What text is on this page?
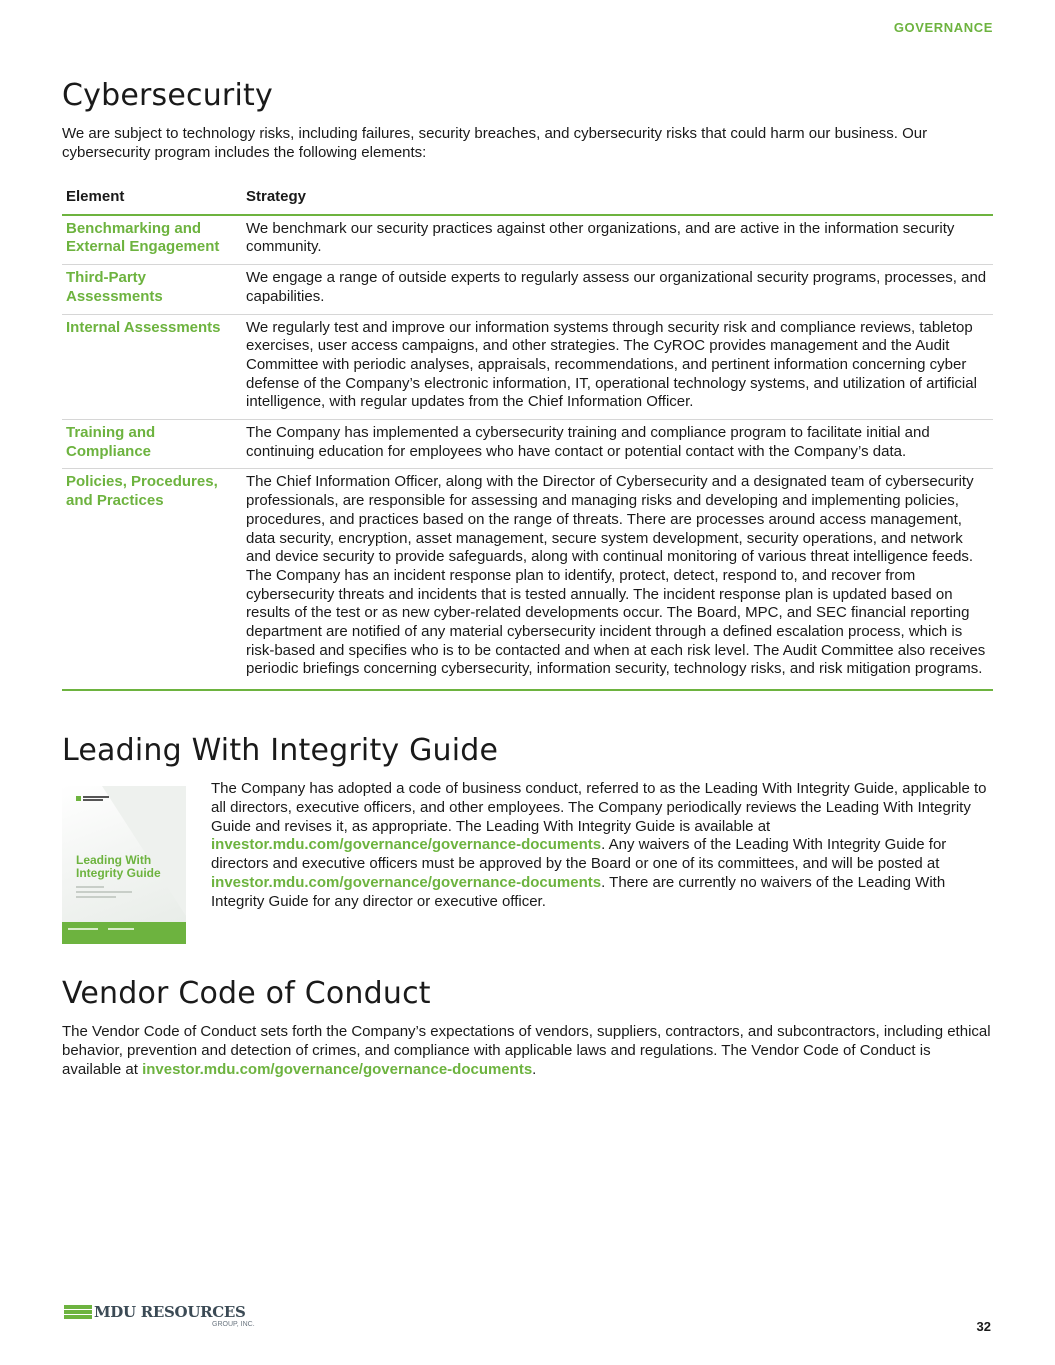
GOVERNANCE
Cybersecurity

We are subject to technology risks, including failures, security breaches, and cybersecurity risks that could harm our business. Our cybersecurity program includes the following elements:

Element	Strategy
Benchmarking and External Engagement	We benchmark our security practices against other organizations, and are active in the information security community.
Third-Party Assessments	We engage a range of outside experts to regularly assess our organizational security programs, processes, and capabilities.
Internal Assessments	We regularly test and improve our information systems through security risk and compliance reviews, tabletop exercises, user access campaigns, and other strategies. The CyROC provides management and the Audit Committee with periodic analyses, appraisals, recommendations, and pertinent information concerning cyber defense of the Company’s electronic information, IT, operational technology systems, and utilization of artificial intelligence, with regular updates from the Chief Information Officer.
Training and Compliance	The Company has implemented a cybersecurity training and compliance program to facilitate initial and continuing education for employees who have contact or potential contact with the Company’s data.
Policies, Procedures, and Practices	The Chief Information Officer, along with the Director of Cybersecurity and a designated team of cybersecurity professionals, are responsible for assessing and managing risks and developing and implementing policies, procedures, and practices based on the range of threats. There are processes around access management, data security, encryption, asset management, secure system development, security operations, and network and device security to provide safeguards, along with continual monitoring of various threat intelligence feeds. The Company has an incident response plan to identify, protect, detect, respond to, and recover from cybersecurity threats and incidents that is tested annually. The incident response plan is updated based on results of the test or as new cyber-related developments occur. The Board, MPC, and SEC financial reporting department are notified of any material cybersecurity incident through a defined escalation process, which is risk-based and specifies who is to be contacted and when at each risk level. The Audit Committee also receives periodic briefings concerning cybersecurity, information security, technology risks, and risk mitigation programs.
Leading With Integrity Guide
Leading With Integrity Guide

The Company has adopted a code of business conduct, referred to as the Leading With Integrity Guide, applicable to all directors, executive officers, and other employees. The Company periodically reviews the Leading With Integrity Guide and revises it, as appropriate. The Leading With Integrity Guide is available at investor.mdu.com/governance/governance-documents. Any waivers of the Leading With Integrity Guide for directors and executive officers must be approved by the Board or one of its committees, and will be posted at investor.mdu.com/governance/governance-documents. There are currently no waivers of the Leading With Integrity Guide for any director or executive officer.

Vendor Code of Conduct

The Vendor Code of Conduct sets forth the Company’s expectations of vendors, suppliers, contractors, and subcontractors, including ethical behavior, prevention and detection of crimes, and compliance with applicable laws and regulations. The Vendor Code of Conduct is available at investor.mdu.com/governance/governance-documents.

MDU RESOURCES
GROUP, INC.	32
